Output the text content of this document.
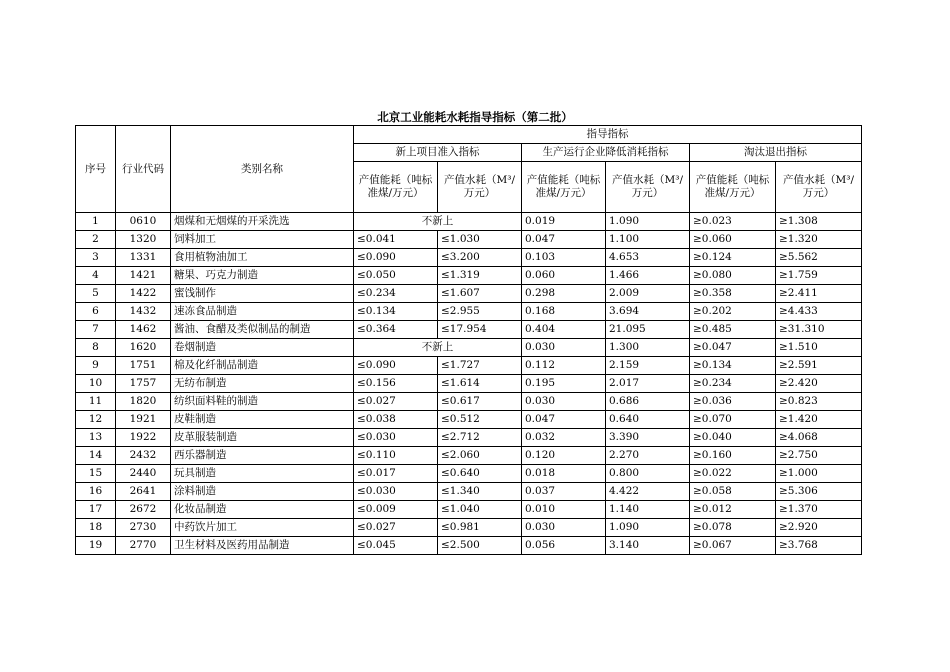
北京工业能耗水耗指导指标（第二批）
序号	行业代码	类别名称	指导指标					
			新上项目准入指标		生产运行企业降低消耗指标		淘汰退出指标	
			产值能耗（吨标准煤/万元）	产值水耗（M³/万元）	产值能耗（吨标准煤/万元）	产值水耗（M³/万元）	产值能耗（吨标准煤/万元）	产值水耗（M³/万元）
1	0610	烟煤和无烟煤的开采洗选	不新上		0.019	1.090	≥0.023	≥1.308
2	1320	饲料加工	≤0.041	≤1.030	0.047	1.100	≥0.060	≥1.320
3	1331	食用植物油加工	≤0.090	≤3.200	0.103	4.653	≥0.124	≥5.562
4	1421	糖果、巧克力制造	≤0.050	≤1.319	0.060	1.466	≥0.080	≥1.759
5	1422	蜜饯制作	≤0.234	≤1.607	0.298	2.009	≥0.358	≥2.411
6	1432	速冻食品制造	≤0.134	≤2.955	0.168	3.694	≥0.202	≥4.433
7	1462	酱油、食醋及类似制品的制造	≤0.364	≤17.954	0.404	21.095	≥0.485	≥31.310
8	1620	卷烟制造	不新上		0.030	1.300	≥0.047	≥1.510
9	1751	棉及化纤制品制造	≤0.090	≤1.727	0.112	2.159	≥0.134	≥2.591
10	1757	无纺布制造	≤0.156	≤1.614	0.195	2.017	≥0.234	≥2.420
11	1820	纺织面料鞋的制造	≤0.027	≤0.617	0.030	0.686	≥0.036	≥0.823
12	1921	皮鞋制造	≤0.038	≤0.512	0.047	0.640	≥0.070	≥1.420
13	1922	皮革服装制造	≤0.030	≤2.712	0.032	3.390	≥0.040	≥4.068
14	2432	西乐器制造	≤0.110	≤2.060	0.120	2.270	≥0.160	≥2.750
15	2440	玩具制造	≤0.017	≤0.640	0.018	0.800	≥0.022	≥1.000
16	2641	涂料制造	≤0.030	≤1.340	0.037	4.422	≥0.058	≥5.306
17	2672	化妆品制造	≤0.009	≤1.040	0.010	1.140	≥0.012	≥1.370
18	2730	中药饮片加工	≤0.027	≤0.981	0.030	1.090	≥0.078	≥2.920
19	2770	卫生材料及医药用品制造	≤0.045	≤2.500	0.056	3.140	≥0.067	≥3.768
